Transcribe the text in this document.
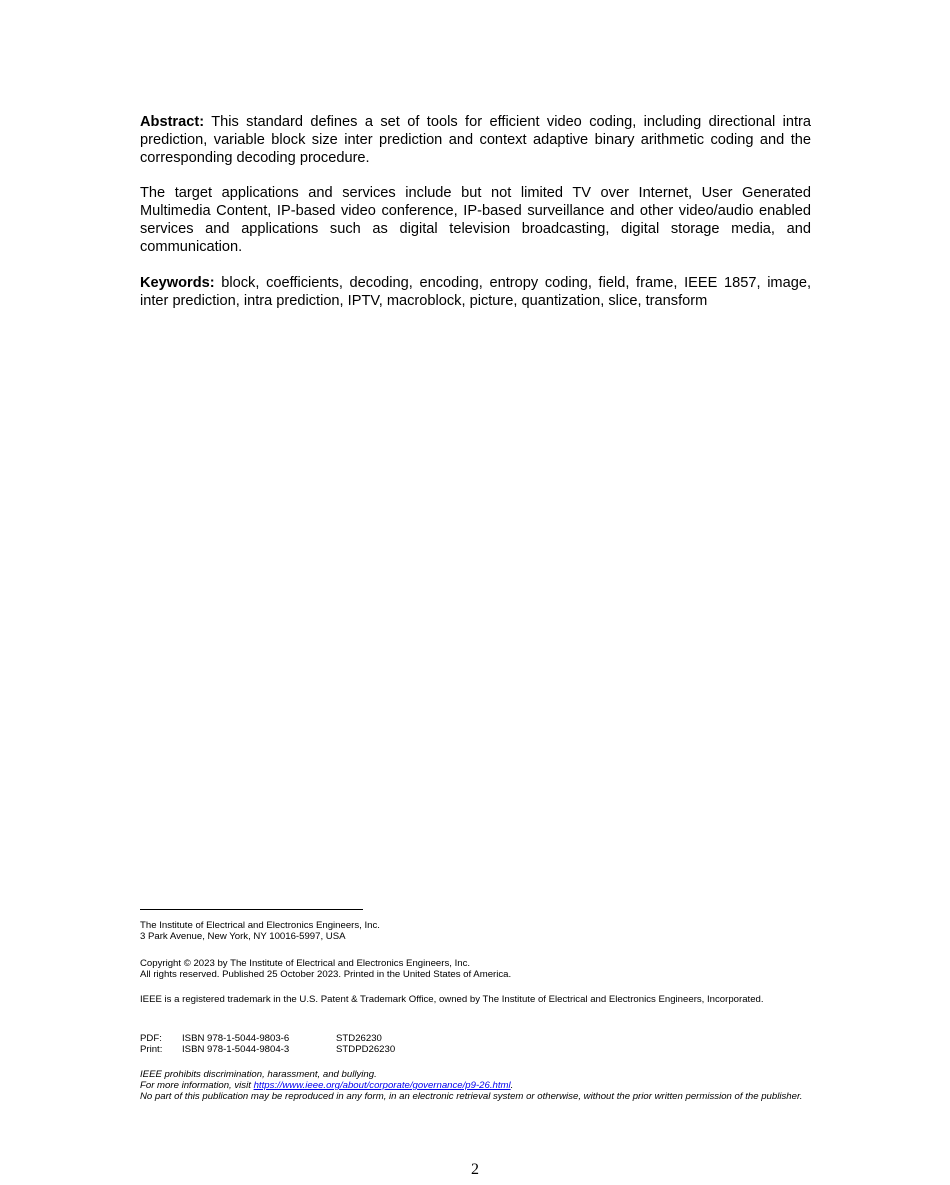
Abstract: This standard defines a set of tools for efficient video coding, including directional intra prediction, variable block size inter prediction and context adaptive binary arithmetic coding and the corresponding decoding procedure.

The target applications and services include but not limited TV over Internet, User Generated Multimedia Content, IP-based video conference, IP-based surveillance and other video/audio enabled services and applications such as digital television broadcasting, digital storage media, and communication.

Keywords: block, coefficients, decoding, encoding, entropy coding, field, frame, IEEE 1857, image, inter prediction, intra prediction, IPTV, macroblock, picture, quantization, slice, transform

The Institute of Electrical and Electronics Engineers, Inc.

3 Park Avenue, New York, NY 10016-5997, USA

Copyright © 2023 by The Institute of Electrical and Electronics Engineers, Inc.

All rights reserved. Published 25 October 2023. Printed in the United States of America.

IEEE is a registered trademark in the U.S. Patent & Trademark Office, owned by The Institute of Electrical and Electronics Engineers, Incorporated.

PDF:	ISBN 978-1-5044-9803-6	STD26230
Print:	ISBN 978-1-5044-9804-3	STDPD26230

IEEE prohibits discrimination, harassment, and bullying.

For more information, visit https://www.ieee.org/about/corporate/governance/p9-26.html.

No part of this publication may be reproduced in any form, in an electronic retrieval system or otherwise, without the prior written permission of the publisher.

2
